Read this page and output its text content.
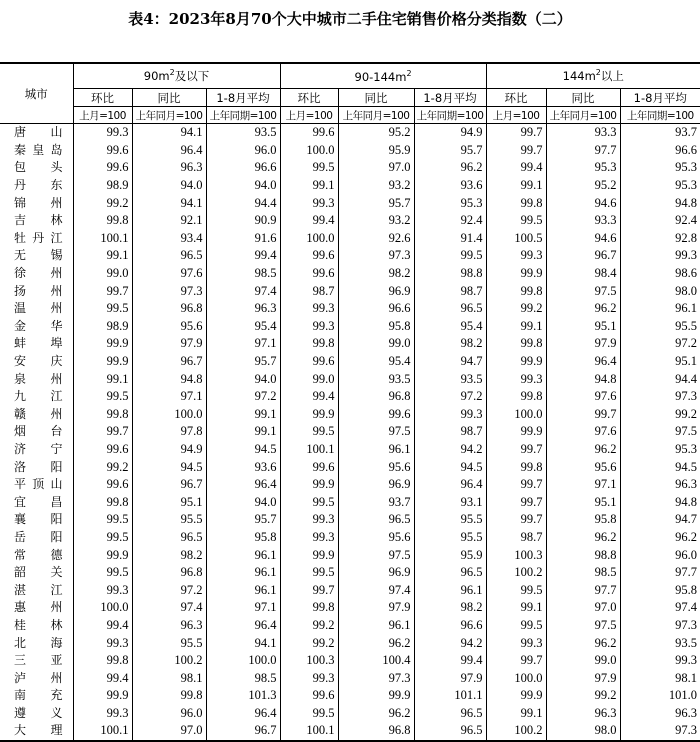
表4：2023年8月70个大中城市二手住宅销售价格分类指数（二）
城市	$90m^2$及以下			$90-144m^2$			$144m^2$以上		
	环比	同比	1-8月平均	环比	同比	1-8月平均	环比	同比	1-8月平均
	上月=100	上年同月=100	上年同期=100	上月=100	上年同月=100	上年同期=100	上月=100	上年同月=100	上年同期=100
唐山	99.3	94.1	93.5	99.6	95.2	94.9	99.7	93.3	93.7
秦皇岛	99.6	96.4	96.0	100.0	95.9	95.7	99.7	97.7	96.6
包头	99.6	96.3	96.6	99.5	97.0	96.2	99.4	95.3	95.3
丹东	98.9	94.0	94.0	99.1	93.2	93.6	99.1	95.2	95.3
锦州	99.2	94.1	94.4	99.3	95.7	95.3	99.8	94.6	94.8
吉林	99.8	92.1	90.9	99.4	93.2	92.4	99.5	93.3	92.4
牡丹江	100.1	93.4	91.6	100.0	92.6	91.4	100.5	94.6	92.8
无锡	99.1	96.5	99.4	99.6	97.3	99.5	99.3	96.7	99.3
徐州	99.0	97.6	98.5	99.6	98.2	98.8	99.9	98.4	98.6
扬州	99.7	97.3	97.4	98.7	96.9	98.7	99.8	97.5	98.0
温州	99.5	96.8	96.3	99.3	96.6	96.5	99.2	96.2	96.1
金华	98.9	95.6	95.4	99.3	95.8	95.4	99.1	95.1	95.5
蚌埠	99.9	97.9	97.1	99.8	99.0	98.2	99.8	97.9	97.2
安庆	99.9	96.7	95.7	99.6	95.4	94.7	99.9	96.4	95.1
泉州	99.1	94.8	94.0	99.0	93.5	93.5	99.3	94.8	94.4
九江	99.5	97.1	97.2	99.4	96.8	97.2	99.8	97.6	97.3
赣州	99.8	100.0	99.1	99.9	99.6	99.3	100.0	99.7	99.2
烟台	99.7	97.8	99.1	99.5	97.5	98.7	99.9	97.6	97.5
济宁	99.6	94.9	94.5	100.1	96.1	94.2	99.7	96.2	95.3
洛阳	99.2	94.5	93.6	99.6	95.6	94.5	99.8	95.6	94.5
平顶山	99.6	96.7	96.4	99.9	96.9	96.4	99.7	97.1	96.3
宜昌	99.8	95.1	94.0	99.5	93.7	93.1	99.7	95.1	94.8
襄阳	99.5	95.5	95.7	99.3	96.5	95.5	99.7	95.8	94.7
岳阳	99.5	96.5	95.8	99.3	95.6	95.5	98.7	96.2	96.2
常德	99.9	98.2	96.1	99.9	97.5	95.9	100.3	98.8	96.0
韶关	99.5	96.8	96.1	99.5	96.9	96.5	100.2	98.5	97.7
湛江	99.3	97.2	96.1	99.7	97.4	96.1	99.5	97.7	95.8
惠州	100.0	97.4	97.1	99.8	97.9	98.2	99.1	97.0	97.4
桂林	99.4	96.3	96.4	99.2	96.1	96.6	99.5	97.5	97.3
北海	99.3	95.5	94.1	99.2	96.2	94.2	99.3	96.2	93.5
三亚	99.8	100.2	100.0	100.3	100.4	99.4	99.7	99.0	99.3
泸州	99.4	98.1	98.5	99.3	97.3	97.9	100.0	97.9	98.1
南充	99.9	99.8	101.3	99.6	99.9	101.1	99.9	99.2	101.0
遵义	99.3	96.0	96.4	99.5	96.2	96.5	99.1	96.3	96.3
大理	100.1	97.0	96.7	100.1	96.8	96.5	100.2	98.0	97.3
